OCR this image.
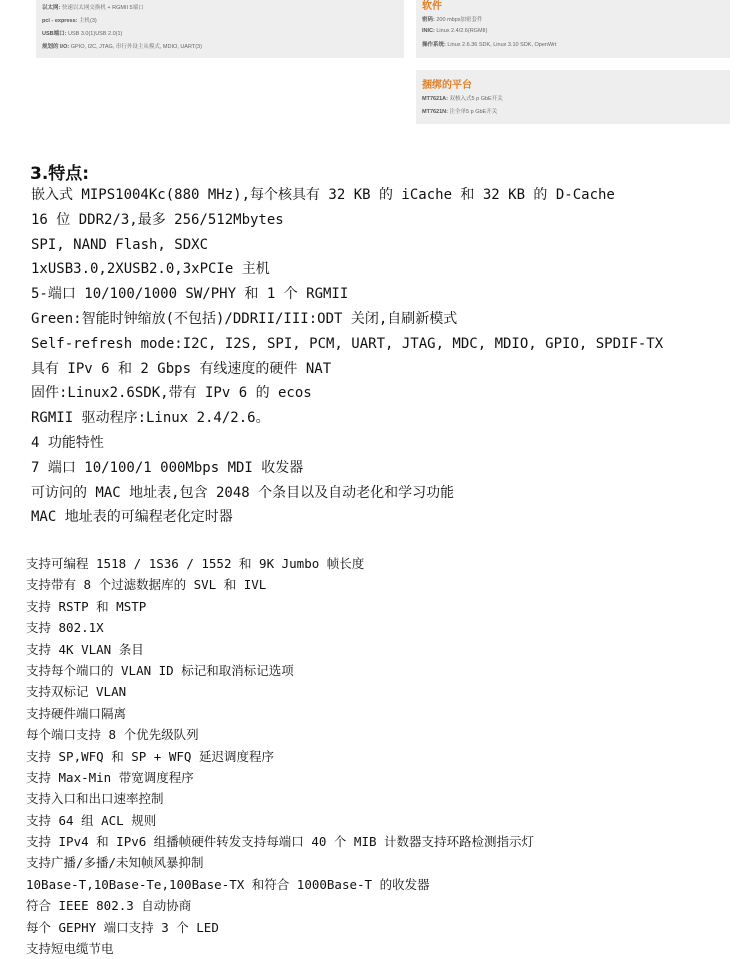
以太网: 快速以太网交换机 + RGMII 5端口
pci - express: 主机(3)
USB端口: USB 3.0(1)USB 2.0(1)
规划的 I/O: GPIO, I2C, JTAG, 串行外设主从模式, MDIO, UART(3)
软件
密码: 200 mbps加密套件
INIC: Linux 2.4/2.6(RGMII)
操作系统: Linux 2.6.36 SDK, Linux 3.10 SDK, OpenWrt
捆绑的平台
MT7621A: 双核入式5 p GbE开关
MT7621N: 注全单5 p GbE开关
3.特点:
嵌入式 MIPS1004Kc(880 MHz),每个核具有 32 KB 的 iCache 和 32 KB 的 D-Cache
16 位 DDR2/3,最多 256/512Mbytes
SPI, NAND Flash, SDXC
1xUSB3.0,2XUSB2.0,3xPCIe 主机
5-端口 10/100/1000 SW/PHY 和 1 个 RGMII
Green:智能时钟缩放(不包括)/DDRII/III:ODT 关闭,自刷新模式
Self-refresh mode:I2C, I2S, SPI, PCM, UART, JTAG, MDC, MDIO, GPIO, SPDIF-TX
具有 IPv 6 和 2 Gbps 有线速度的硬件 NAT
固件:Linux2.6SDK,带有 IPv 6 的 ecos
RGMII 驱动程序:Linux 2.4/2.6。
4 功能特性
7 端口 10/100/1 000Mbps MDI 收发器
可访问的 MAC 地址表,包含 2048 个条目以及自动老化和学习功能
MAC 地址表的可编程老化定时器
支持可编程 1518 / 1S36 / 1552 和 9K Jumbo 帧长度
支持带有 8 个过滤数据库的 SVL 和 IVL
支持 RSTP 和 MSTP
支持 802.1X
支持 4K VLAN 条目
支持每个端口的 VLAN ID 标记和取消标记选项
支持双标记 VLAN
支持硬件端口隔离
每个端口支持 8 个优先级队列
支持 SP,WFQ 和 SP + WFQ 延迟调度程序
支持 Max-Min 带宽调度程序
支持入口和出口速率控制
支持 64 组 ACL 规则
支持 IPv4 和 IPv6 组播帧硬件转发支持每端口 40 个 MIB 计数器支持环路检测指示灯
支持广播/多播/未知帧风暴抑制
10Base-T,10Base-Te,100Base-TX 和符合 1000Base-T 的收发器
符合 IEEE 802.3 自动协商
每个 GEPHY 端口支持 3 个 LED
支持短电缆节电
